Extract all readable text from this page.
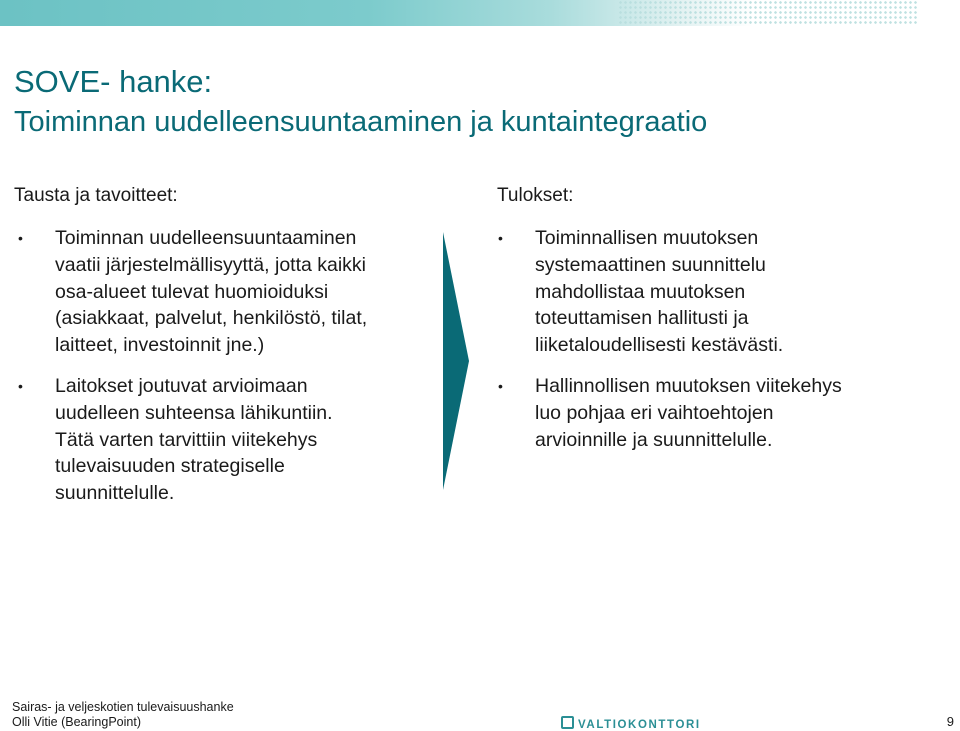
SOVE- hanke:
Toiminnan uudelleensuuntaaminen ja kuntaintegraatio
Tausta ja tavoitteet:
• Toiminnan uudelleensuuntaaminen
vaatii järjestelmällisyyttä, jotta kaikki
osa-alueet tulevat huomioiduksi
(asiakkaat, palvelut, henkilöstö, tilat,
laitteet, investoinnit jne.)
• Laitokset joutuvat arvioimaan
uudelleen suhteensa lähikuntiin.
Tätä varten tarvittiin viitekehys
tulevaisuuden strategiselle
suunnittelulle.
Tulokset:
• Toiminnallisen muutoksen
systemaattinen suunnittelu
mahdollistaa muutoksen
toteuttamisen hallitusti ja
liiketaloudellisesti kestävästi.
• Hallinnollisen muutoksen viitekehys
luo pohjaa eri vaihtoehtojen
arvioinnille ja suunnittelulle.
Sairas- ja veljeskotien tulevaisuushanke
Olli Vitie (BearingPoint)	VALTIOKONTTORI	9
